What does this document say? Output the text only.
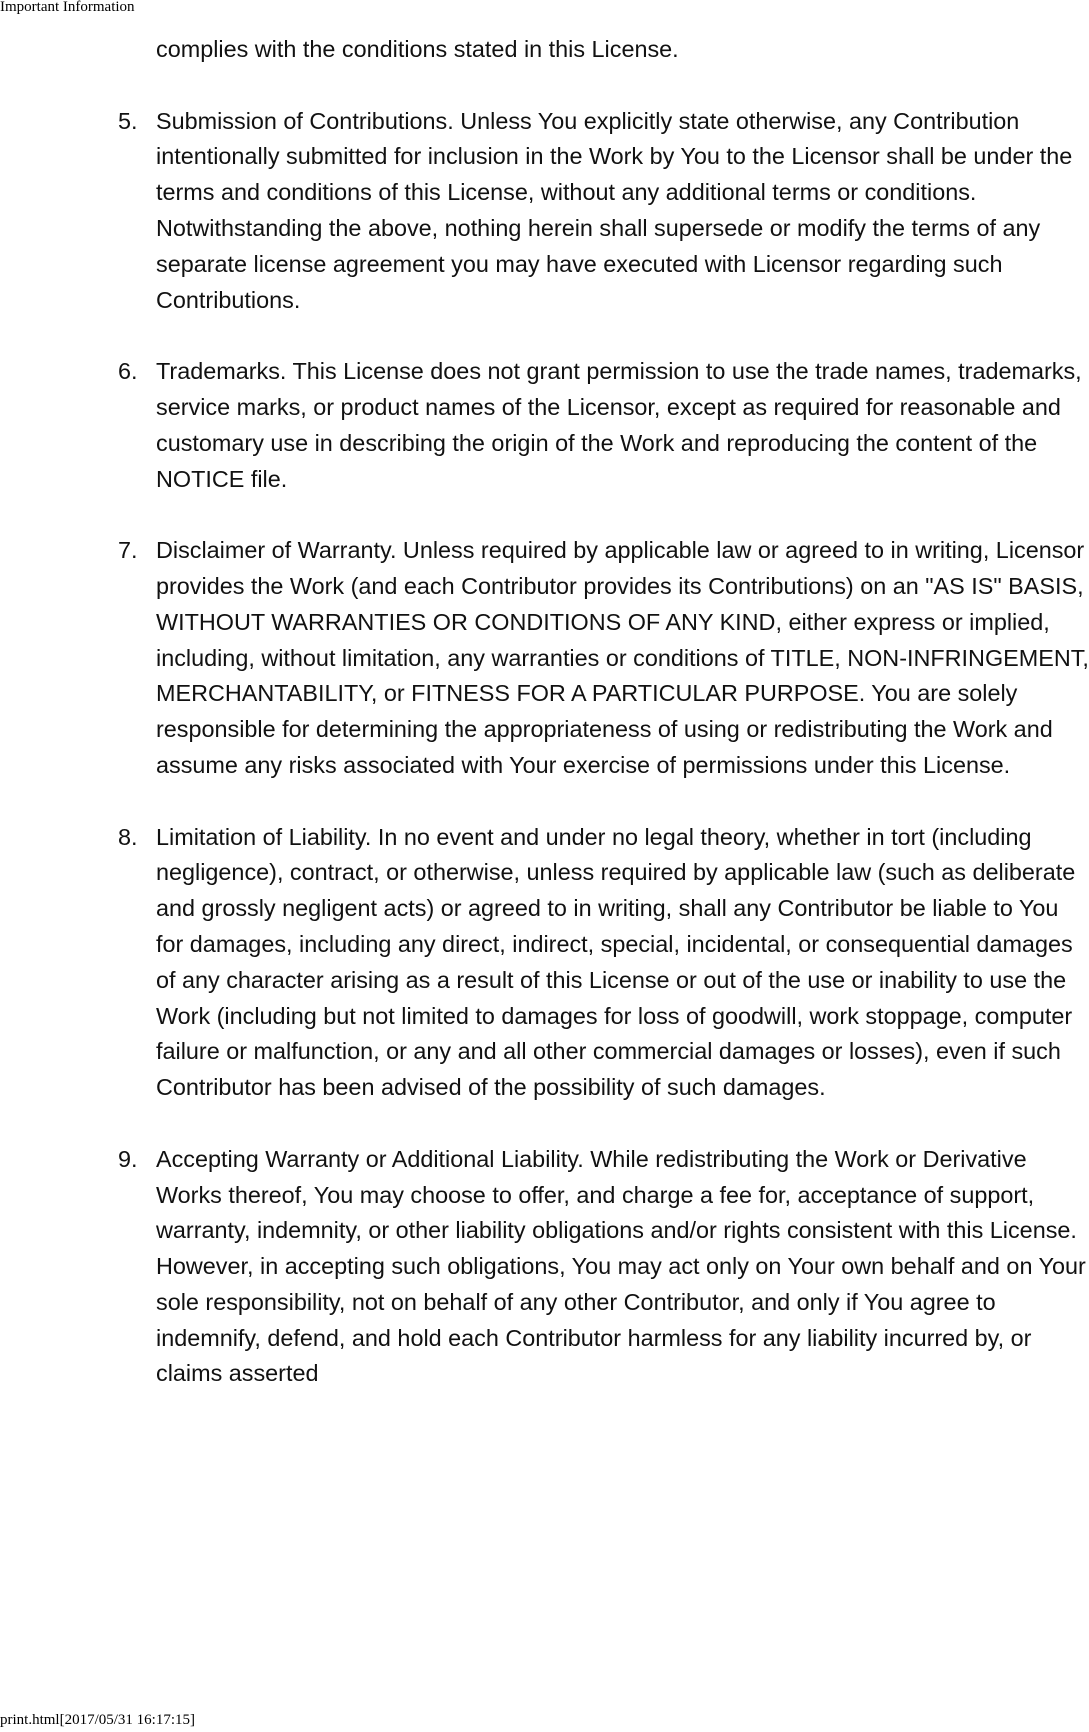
Important Information
complies with the conditions stated in this License.
5. Submission of Contributions. Unless You explicitly state otherwise, any Contribution intentionally submitted for inclusion in the Work by You to the Licensor shall be under the terms and conditions of this License, without any additional terms or conditions. Notwithstanding the above, nothing herein shall supersede or modify the terms of any separate license agreement you may have executed with Licensor regarding such Contributions.
6. Trademarks. This License does not grant permission to use the trade names, trademarks, service marks, or product names of the Licensor, except as required for reasonable and customary use in describing the origin of the Work and reproducing the content of the NOTICE file.
7. Disclaimer of Warranty. Unless required by applicable law or agreed to in writing, Licensor provides the Work (and each Contributor provides its Contributions) on an "AS IS" BASIS, WITHOUT WARRANTIES OR CONDITIONS OF ANY KIND, either express or implied, including, without limitation, any warranties or conditions of TITLE, NON-INFRINGEMENT, MERCHANTABILITY, or FITNESS FOR A PARTICULAR PURPOSE. You are solely responsible for determining the appropriateness of using or redistributing the Work and assume any risks associated with Your exercise of permissions under this License.
8. Limitation of Liability. In no event and under no legal theory, whether in tort (including negligence), contract, or otherwise, unless required by applicable law (such as deliberate and grossly negligent acts) or agreed to in writing, shall any Contributor be liable to You for damages, including any direct, indirect, special, incidental, or consequential damages of any character arising as a result of this License or out of the use or inability to use the Work (including but not limited to damages for loss of goodwill, work stoppage, computer failure or malfunction, or any and all other commercial damages or losses), even if such Contributor has been advised of the possibility of such damages.
9. Accepting Warranty or Additional Liability. While redistributing the Work or Derivative Works thereof, You may choose to offer, and charge a fee for, acceptance of support, warranty, indemnity, or other liability obligations and/or rights consistent with this License. However, in accepting such obligations, You may act only on Your own behalf and on Your sole responsibility, not on behalf of any other Contributor, and only if You agree to indemnify, defend, and hold each Contributor harmless for any liability incurred by, or claims asserted
print.html[2017/05/31 16:17:15]
